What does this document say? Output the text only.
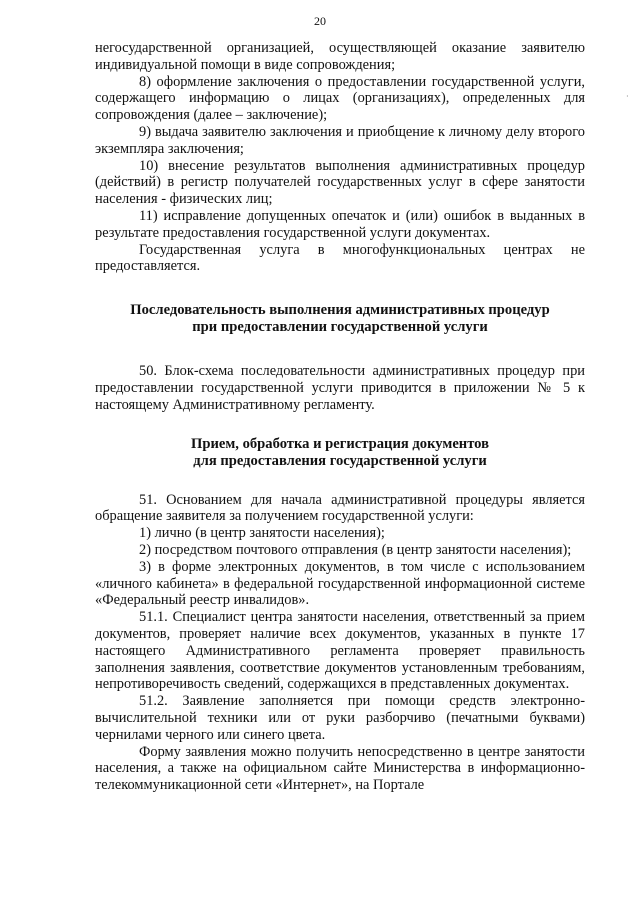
20
·

негосударственной организацией, осуществляющей оказание заявителю индивидуальной помощи в виде сопровождения;

8) оформление заключения о предоставлении государственной услуги, содержащего информацию о лицах (организациях), определенных для сопровождения (далее – заключение);

9) выдача заявителю заключения и приобщение к личному делу второго экземпляра заключения;

10) внесение результатов выполнения административных процедур (действий) в регистр получателей государственных услуг в сфере занятости населения - физических лиц;

11) исправление допущенных опечаток и (или) ошибок в выданных в результате предоставления государственной услуги документах.

Государственная услуга в многофункциональных центрах не предоставляется.

Последовательность выполнения административных процедур

при предоставлении государственной услуги

50. Блок-схема последовательности административных процедур при предоставлении государственной услуги приводится в приложении № 5 к настоящему Административному регламенту.

Прием, обработка и регистрация документов

для предоставления государственной услуги

51. Основанием для начала административной процедуры является обращение заявителя за получением государственной услуги:

1) лично (в центр занятости населения);

2) посредством почтового отправления (в центр занятости населения);

3) в форме электронных документов, в том числе с использованием «личного кабинета» в федеральной государственной информационной системе «Федеральный реестр инвалидов».

51.1. Специалист центра занятости населения, ответственный за прием документов, проверяет наличие всех документов, указанных в пункте 17 настоящего Административного регламента проверяет правильность заполнения заявления, соответствие документов установленным требованиям, непротиворечивость сведений, содержащихся в представленных документах.

51.2. Заявление заполняется при помощи средств электронно-вычислительной техники или от руки разборчиво (печатными буквами) чернилами черного или синего цвета.

Форму заявления можно получить непосредственно в центре занятости населения, а также на официальном сайте Министерства в информационно-телекоммуникационной сети «Интернет», на Портале
